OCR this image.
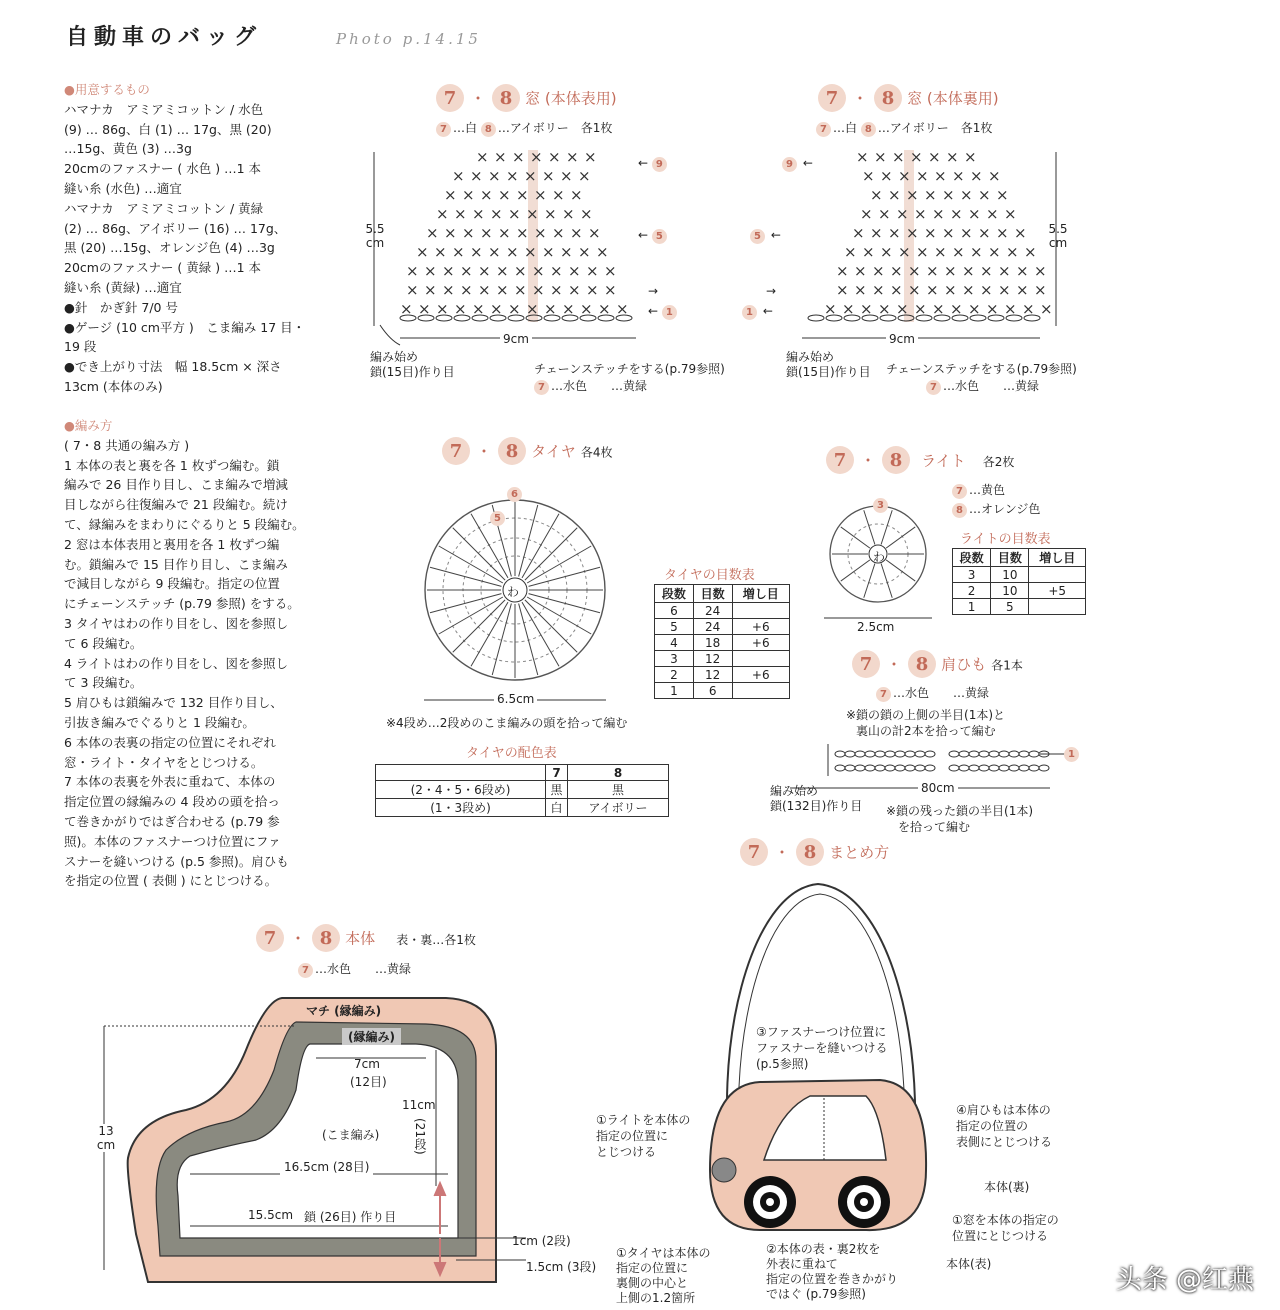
自動車のバッグ	Photo p.14.15
●用意するもの
ハマナカ　アミアミコットン / 水色
(9) … 86g、白 (1) … 17g、黒 (20)
…15g、黄色 (3) …3g
20cmのファスナー ( 水色 ) …1 本
縫い糸 (水色) …適宜
ハマナカ　アミアミコットン / 黄緑
(2) … 86g、アイボリー (16) … 17g、
黒 (20) …15g、オレンジ色 (4) …3g
20cmのファスナー ( 黄緑 ) …1 本
縫い糸 (黄緑) …適宜
●針　かぎ針 7/0 号
●ゲージ (10 cm平方 )　こま編み 17 目・
19 段
●でき上がり寸法　幅 18.5cm × 深さ
13cm (本体のみ)
●編み方
( 7・8 共通の編み方 )
1 本体の表と裏を各 1 枚ずつ編む。鎖
編みで 26 目作り目し、こま編みで増減
目しながら往復編みで 21 段編む。続け
て、縁編みをまわりにぐるりと 5 段編む。
2 窓は本体表用と裏用を各 1 枚ずつ編
む。鎖編みで 15 目作り目し、こま編み
で減目しながら 9 段編む。指定の位置
にチェーンステッチ (p.79 参照) をする。
3 タイヤはわの作り目をし、図を参照し
て 6 段編む。
4 ライトはわの作り目をし、図を参照し
て 3 段編む。
5 肩ひもは鎖編みで 132 目作り目し、
引抜き編みでぐるりと 1 段編む。
6 本体の表裏の指定の位置にそれぞれ
窓・ライト・タイヤをとじつける。
7 本体の表裏を外表に重ねて、本体の
指定位置の縁編みの 4 段めの頭を拾っ
て巻きかがりではぎ合わせる (p.79 参
照)。本体のファスナーつけ位置にファ
スナーを縫いつける (p.5 参照)。肩ひも
を指定の位置 ( 表側 ) にとじつける。
7 ・ 8 窓 (本体表用)
7 …白 8 …アイボリー　各1枚
× × × × × × ×
× × × × × × × ×
× × × × × × × ×
× × × × × × × × ×
× × × × × × × × × ×
× × × × × × × × × × ×
× × × × × × × × × × × ×
× × × × × × × × × × × ×
× × × × × × × × × × × × ×
5.5 cm
9cm
編み始め
鎖(15目)作り目	チェーンステッチをする(p.79参照)
7 …水色　　…黄緑
← 9
← 5
→
← 1
7 ・ 8 窓 (本体裏用)
7 …白 8 …アイボリー　各1枚
×
×
×
×
×
×
×
×
×
×
×
×
×
×
×
×
×
×
×
×
×
×
×
×
×
×
×
×
×
×
×
×
×
×
×
×
×
×
×
×
×
×
×
×
×
×
×
×
×
×
×
×
×
×
×
×
×
×
×
×
×
×
×
×
×
×
×
×
×
×
×
×
×
×
×
×
×
×
×
×
×
×
×
×
×
×
×
×
×
×
5.5 cm
9cm
編み始め
鎖(15目)作り目 チェーンステッチをする(p.79参照)
7 …水色　　…黄緑
9 ←
5 ←
→
1 ←
7 ・ 8 タイヤ 各4枚
わ
6
5
6.5cm
※4段め…2段めのこま編みの頭を拾って編む
タイヤの目数表
段数	目数	増し目
6	24	
5	24	+6
4	18	+6
3	12	
2	12	+6
1	6	
タイヤの配色表
	7	8
(2・4・5・6段め)	黒	黒
(1・3段め)	白	アイボリー
7 ・ 8 ライト 各2枚
7 …黄色
8 …オレンジ色
わ
3
2.5cm
ライトの目数表
段数	目数	増し目
3	10	
2	10	+5
1	5	
7 ・ 8 肩ひも 各1本
7 …水色　　…黄緑
※鎖の鎖の上側の半目(1本)と
裏山の計2本を拾って編む
1
編み始め
鎖(132目)作り目
80cm
※鎖の残った鎖の半目(1本)
を拾って編む
7 ・ 8 まとめ方
③ファスナーつけ位置に
ファスナーを縫いつける
(p.5参照)
①ライトを本体の
指定の位置に
とじつける
④肩ひもは本体の
指定の位置の
表側にとじつける
本体(裏)
①窓を本体の指定の
位置にとじつける
本体(表)
①タイヤは本体の
指定の位置に
裏側の中心と
上側の1.2箇所
②本体の表・裏2枚を
外表に重ねて
指定の位置を巻きかがり
ではぐ (p.79参照)
7 ・ 8 本体 表・裏…各1枚
7 …水色　　…黄緑
マチ (縁編み)
(縁編み)
7cm
(12目)
11cm
(21段)
(こま編み)
16.5cm (28目)
15.5cm 鎖 (26目) 作り目
13 cm
1cm (2段)
1.5cm (3段)	头条 @红燕
